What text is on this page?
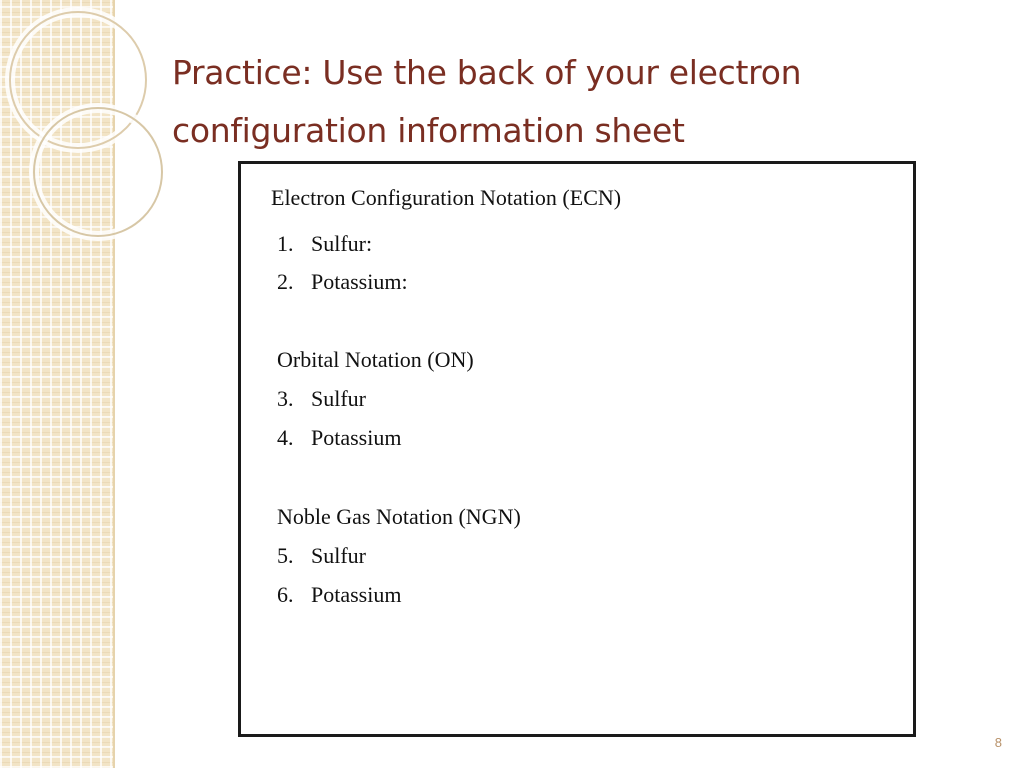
Practice: Use the back of your electron configuration information sheet

Electron Configuration Notation (ECN)

1. Sulfur:

2. Potassium:

Orbital Notation (ON)

3. Sulfur

4. Potassium

Noble Gas Notation (NGN)

5. Sulfur

6. Potassium

8
